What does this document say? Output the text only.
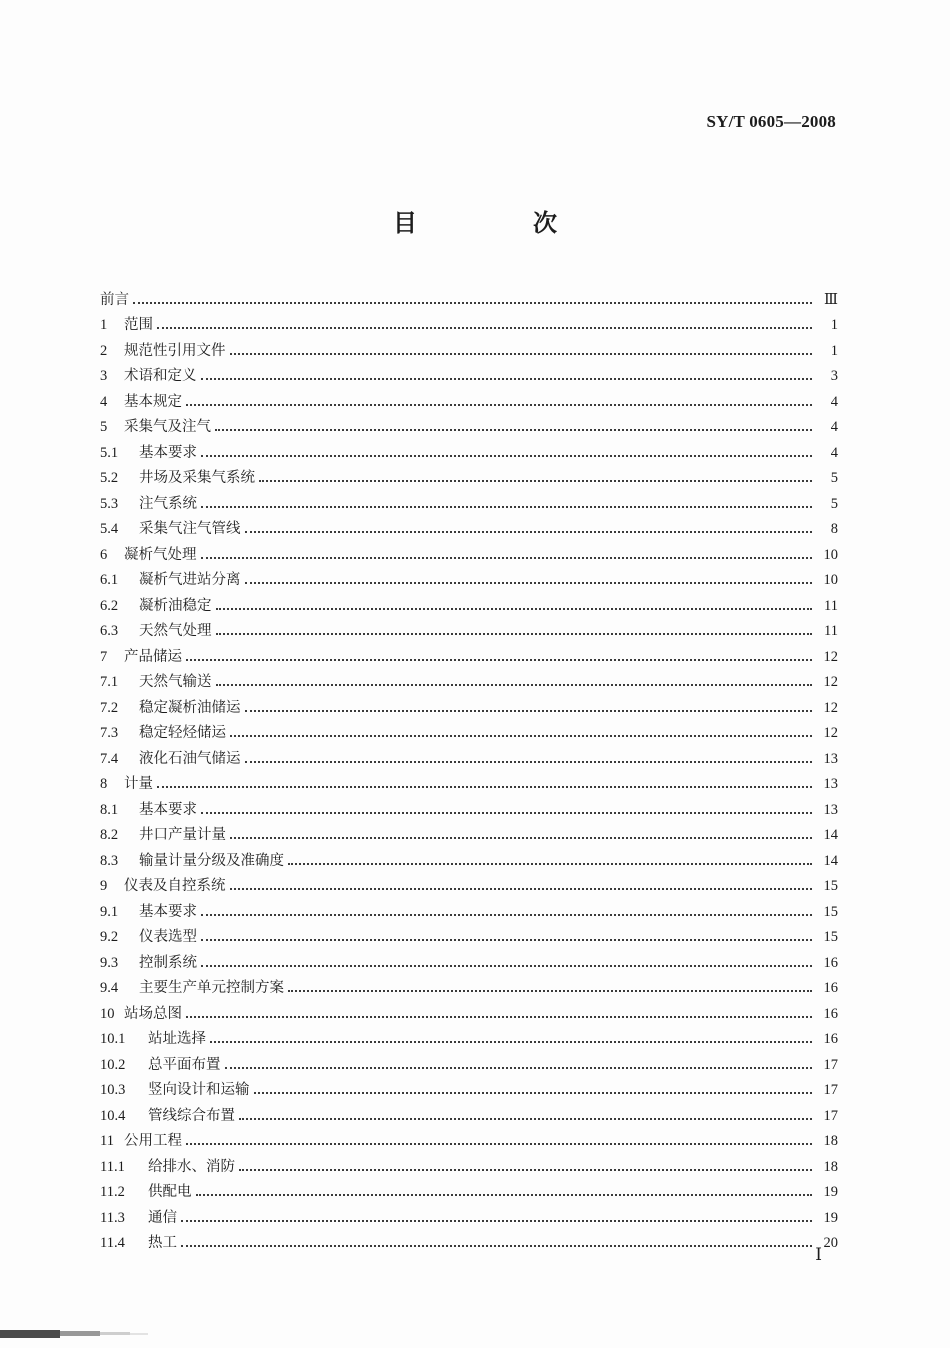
SY/T 0605—2008
目　次
前言	Ⅲ
1	范围	1
2	规范性引用文件	1
3	术语和定义	3
4	基本规定	4
5	采集气及注气	4
5.1	基本要求	4
5.2	井场及采集气系统	5
5.3	注气系统	5
5.4	采集气注气管线	8
6	凝析气处理	10
6.1	凝析气进站分离	10
6.2	凝析油稳定	11
6.3	天然气处理	11
7	产品储运	12
7.1	天然气输送	12
7.2	稳定凝析油储运	12
7.3	稳定轻烃储运	12
7.4	液化石油气储运	13
8	计量	13
8.1	基本要求	13
8.2	井口产量计量	14
8.3	输量计量分级及准确度	14
9	仪表及自控系统	15
9.1	基本要求	15
9.2	仪表选型	15
9.3	控制系统	16
9.4	主要生产单元控制方案	16
10 站场总图	16
10.1	站址选择	16
10.2	总平面布置	17
10.3	竖向设计和运输	17
10.4	管线综合布置	17
11 公用工程	18
11.1	给排水、消防	18
11.2	供配电	19
11.3	通信	19
11.4	热工	20
Ⅰ
